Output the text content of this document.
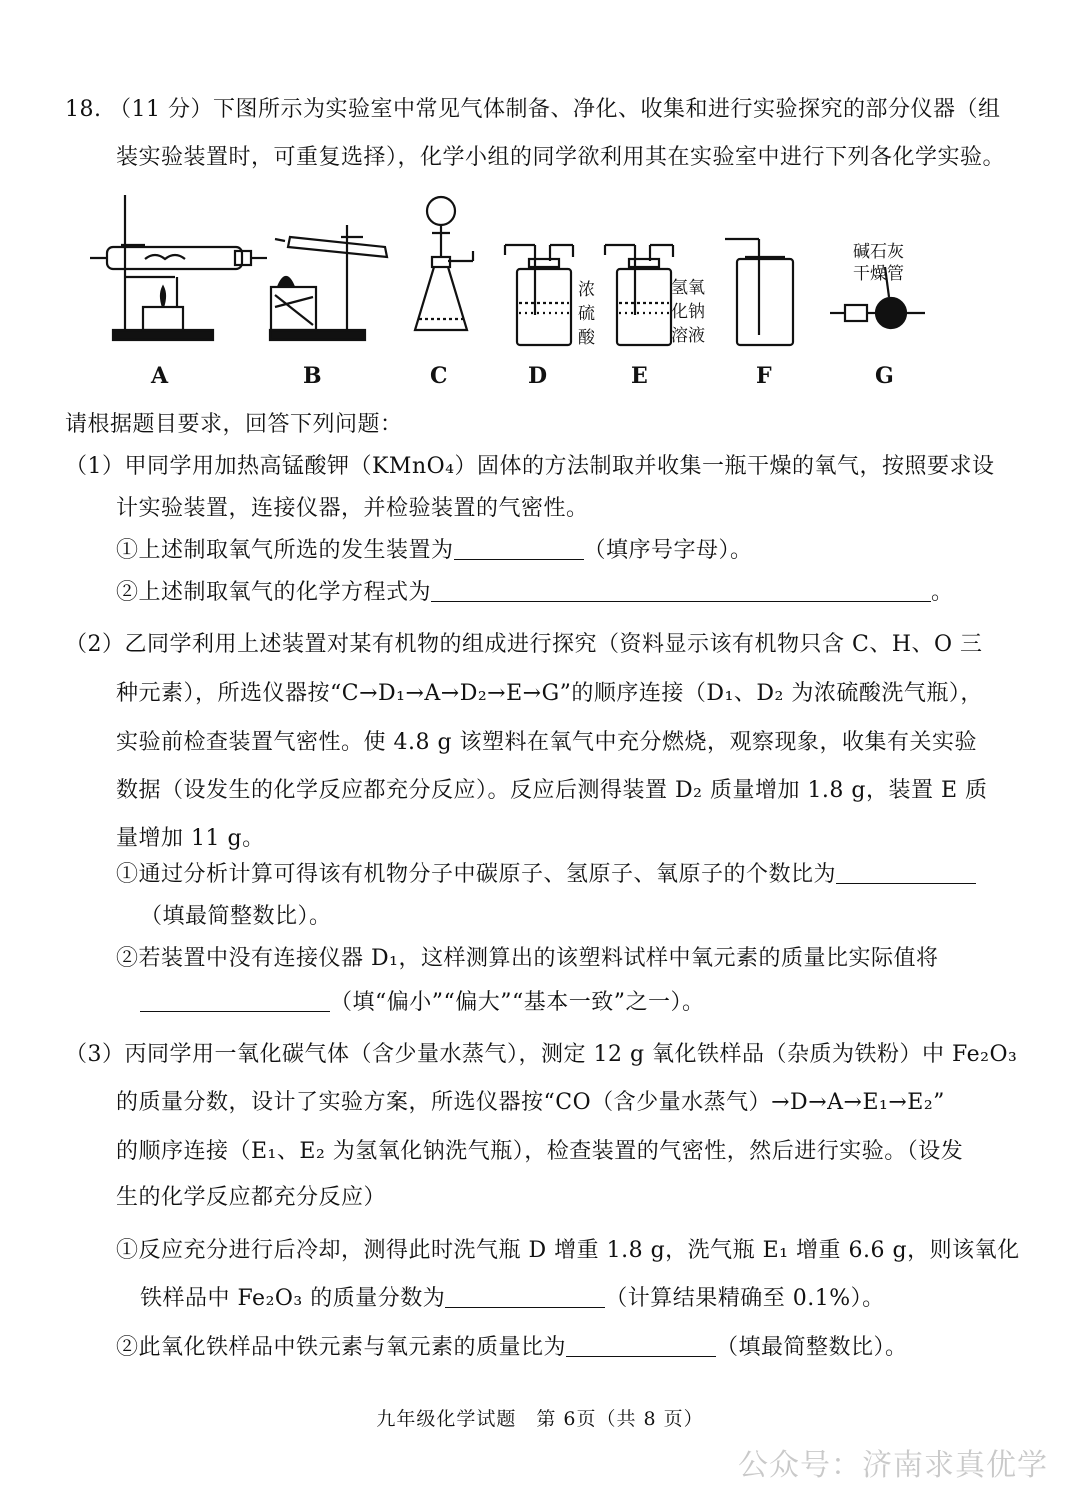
18. （11 分）下图所示为实验室中常见气体制备、净化、收集和进行实验探究的部分仪器（组
装实验装置时，可重复选择），化学小组的同学欲利用其在实验室中进行下列各化学实验。
浓
硫
酸
氢氧
化钠
溶液
碱石灰
干燥管
A	B	C	D	E	F	G
请根据题目要求，回答下列问题：
（1）甲同学用加热高锰酸钾（KMnO₄）固体的方法制取并收集一瓶干燥的氧气，按照要求设
计实验装置，连接仪器，并检验装置的气密性。
①上述制取氧气所选的发生装置为	（填序号字母）。
②上述制取氧气的化学方程式为	。
（2）乙同学利用上述装置对某有机物的组成进行探究（资料显示该有机物只含 C、H、O 三
种元素），所选仪器按“C→D₁→A→D₂→E→G”的顺序连接（D₁、D₂ 为浓硫酸洗气瓶），
实验前检查装置气密性。使 4.8 g 该塑料在氧气中充分燃烧，观察现象，收集有关实验
数据（设发生的化学反应都充分反应）。反应后测得装置 D₂ 质量增加 1.8 g，装置 E 质
量增加 11 g。
①通过分析计算可得该有机物分子中碳原子、氢原子、氧原子的个数比为
（填最简整数比）。
②若装置中没有连接仪器 D₁，这样测算出的该塑料试样中氧元素的质量比实际值将
（填“偏小”“偏大”“基本一致”之一）。
（3）丙同学用一氧化碳气体（含少量水蒸气），测定 12 g 氧化铁样品（杂质为铁粉）中 Fe₂O₃
的质量分数，设计了实验方案，所选仪器按“CO（含少量水蒸气）→D→A→E₁→E₂”
的顺序连接（E₁、E₂ 为氢氧化钠洗气瓶），检查装置的气密性，然后进行实验。（设发
生的化学反应都充分反应）
①反应充分进行后冷却，测得此时洗气瓶 D 增重 1.8 g，洗气瓶 E₁ 增重 6.6 g，则该氧化
铁样品中 Fe₂O₃ 的质量分数为	（计算结果精确至 0.1%）。
②此氧化铁样品中铁元素与氧元素的质量比为	（填最简整数比）。
九年级化学试题　第 6页（共 8 页）
公众号：济南求真优学
